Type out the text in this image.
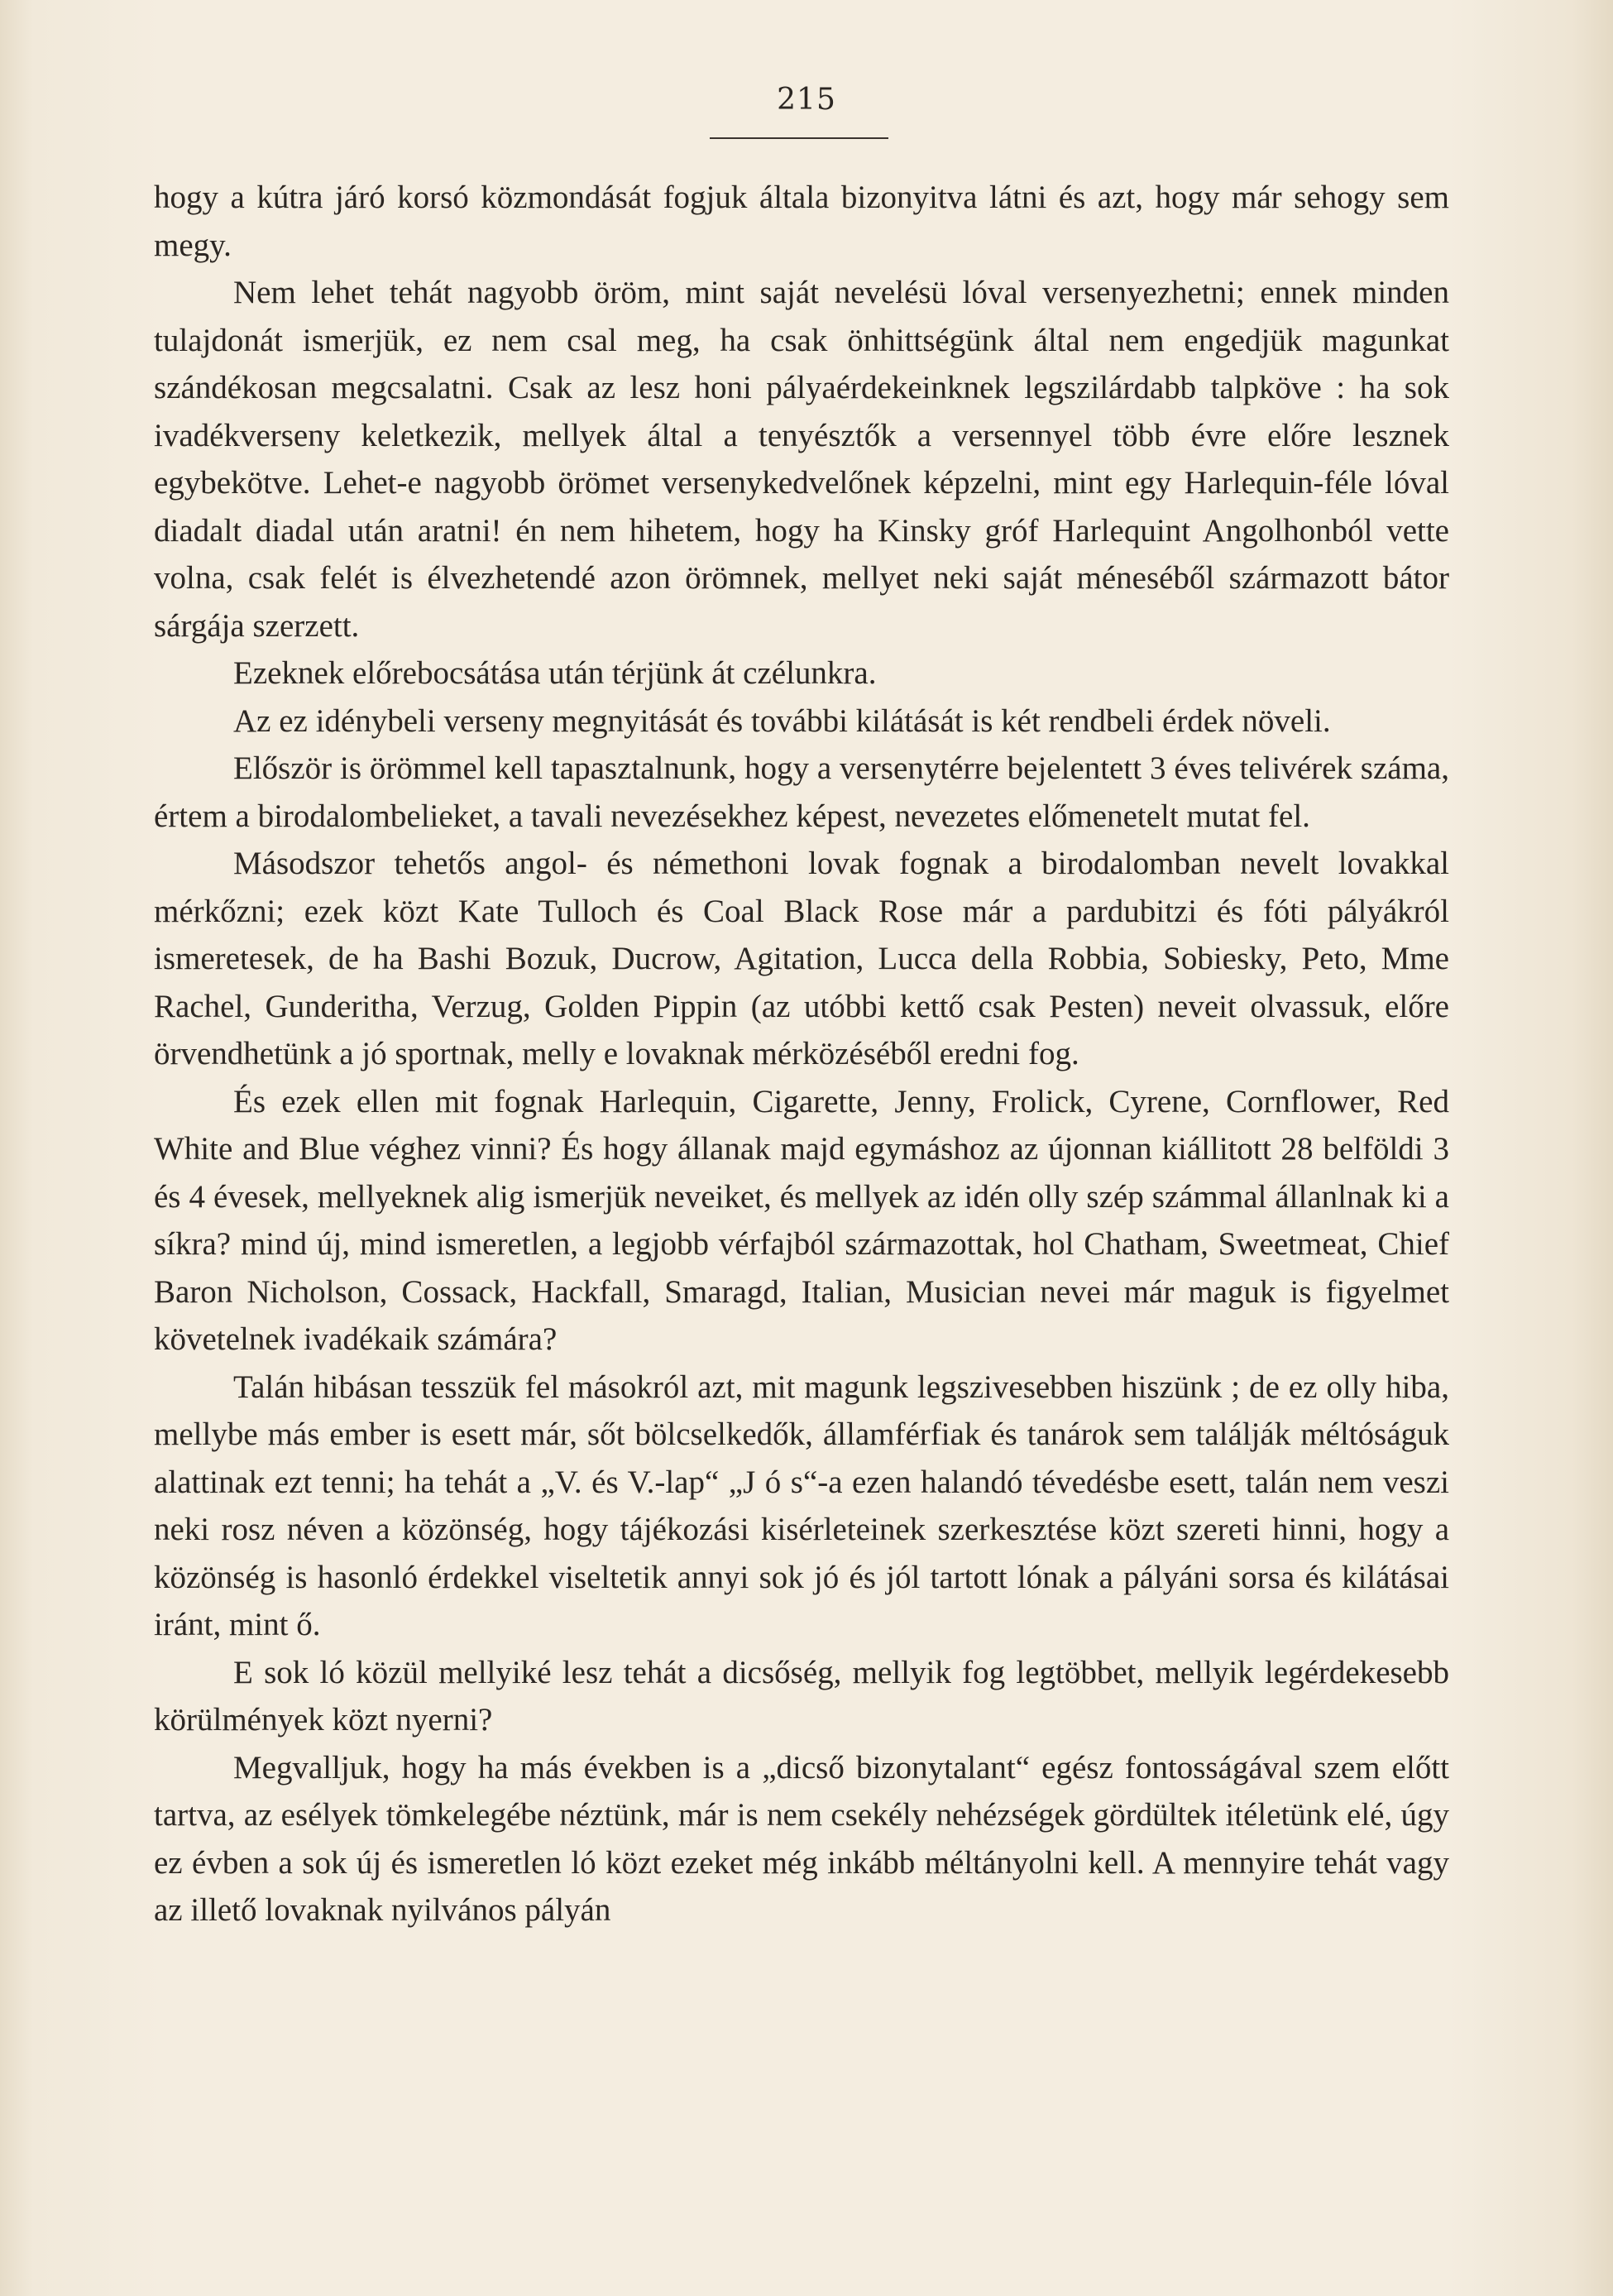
215

hogy a kútra járó korsó közmondását fogjuk általa bizonyitva látni és azt, hogy már sehogy sem megy.

Nem lehet tehát nagyobb öröm, mint saját nevelésü lóval versenyezhetni; ennek minden tulajdonát ismerjük, ez nem csal meg, ha csak önhittségünk által nem engedjük magunkat szándékosan megcsalatni. Csak az lesz honi pályaérdekeinknek legszilárdabb talpköve : ha sok ivadékverseny keletkezik, mellyek által a tenyésztők a versennyel több évre előre lesznek egybekötve. Lehet-e nagyobb örömet versenykedvelőnek képzelni, mint egy Harlequin-féle lóval diadalt diadal után aratni! én nem hihetem, hogy ha Kinsky gróf Harlequint Angolhonból vette volna, csak felét is élvezhetendé azon örömnek, mellyet neki saját méneséből származott bátor sárgája szerzett.

Ezeknek előrebocsátása után térjünk át czélunkra.

Az ez idénybeli verseny megnyitását és további kilátását is két rendbeli érdek növeli.

Először is örömmel kell tapasztalnunk, hogy a versenytérre bejelentett 3 éves telivérek száma, értem a birodalombelieket, a tavali nevezésekhez képest, nevezetes előmenetelt mutat fel.

Másodszor tehetős angol- és némethoni lovak fognak a birodalomban nevelt lovakkal mérkőzni; ezek közt Kate Tulloch és Coal Black Rose már a pardubitzi és fóti pályákról ismeretesek, de ha Bashi Bozuk, Ducrow, Agitation, Lucca della Robbia, Sobiesky, Peto, Mme Rachel, Gunderitha, Verzug, Golden Pippin (az utóbbi kettő csak Pesten) neveit olvassuk, előre örvendhetünk a jó sportnak, melly e lovaknak mérközéséből eredni fog.

És ezek ellen mit fognak Harlequin, Cigarette, Jenny, Frolick, Cyrene, Cornflower, Red White and Blue véghez vinni? És hogy állanak majd egymáshoz az újonnan kiállitott 28 belföldi 3 és 4 évesek, mellyeknek alig ismerjük neveiket, és mellyek az idén olly szép számmal állanlnak ki a síkra? mind új, mind ismeretlen, a legjobb vérfajból származottak, hol Chatham, Sweetmeat, Chief Baron Nicholson, Cossack, Hackfall, Smaragd, Italian, Musician nevei már maguk is figyelmet követelnek ivadékaik számára?

Talán hibásan tesszük fel másokról azt, mit magunk legszivesebben hiszünk ; de ez olly hiba, mellybe más ember is esett már, sőt bölcselkedők, államférfiak és tanárok sem találják méltóságuk alattinak ezt tenni; ha tehát a „V. és V.-lap“ „J ó s“-a ezen halandó tévedésbe esett, talán nem veszi neki rosz néven a közönség, hogy tájékozási kisérleteinek szerkesztése közt szereti hinni, hogy a közönség is hasonló érdekkel viseltetik annyi sok jó és jól tartott lónak a pályáni sorsa és kilátásai iránt, mint ő.

E sok ló közül mellyiké lesz tehát a dicsőség, mellyik fog legtöbbet, mellyik legérdekesebb körülmények közt nyerni?

Megvalljuk, hogy ha más években is a „dicső bizonytalant“ egész fontosságával szem előtt tartva, az esélyek tömkelegébe néztünk, már is nem csekély nehézségek gördültek itéletünk elé, úgy ez évben a sok új és ismeretlen ló közt ezeket még inkább méltányolni kell. A mennyire tehát vagy az illető lovaknak nyilvános pályán
